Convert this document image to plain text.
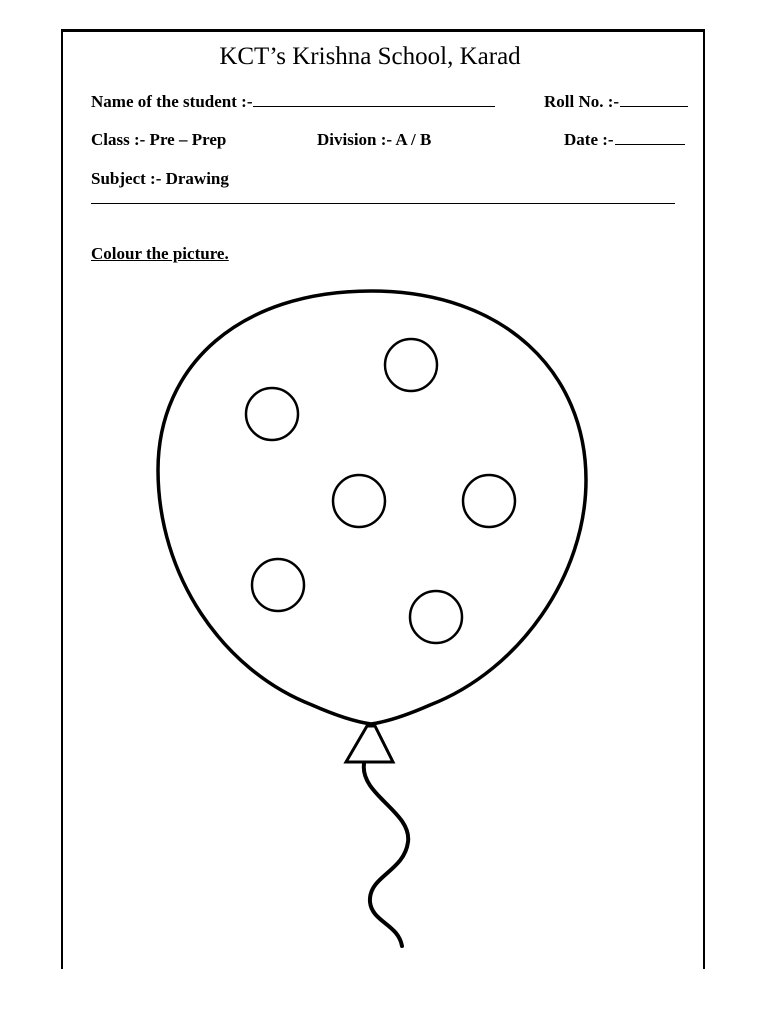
KCT’s Krishna School, Karad
Name of the student :-	Roll No. :-
Class :- Pre – Prep	Division :- A / B	Date :-
Subject :- Drawing
Colour the picture.
